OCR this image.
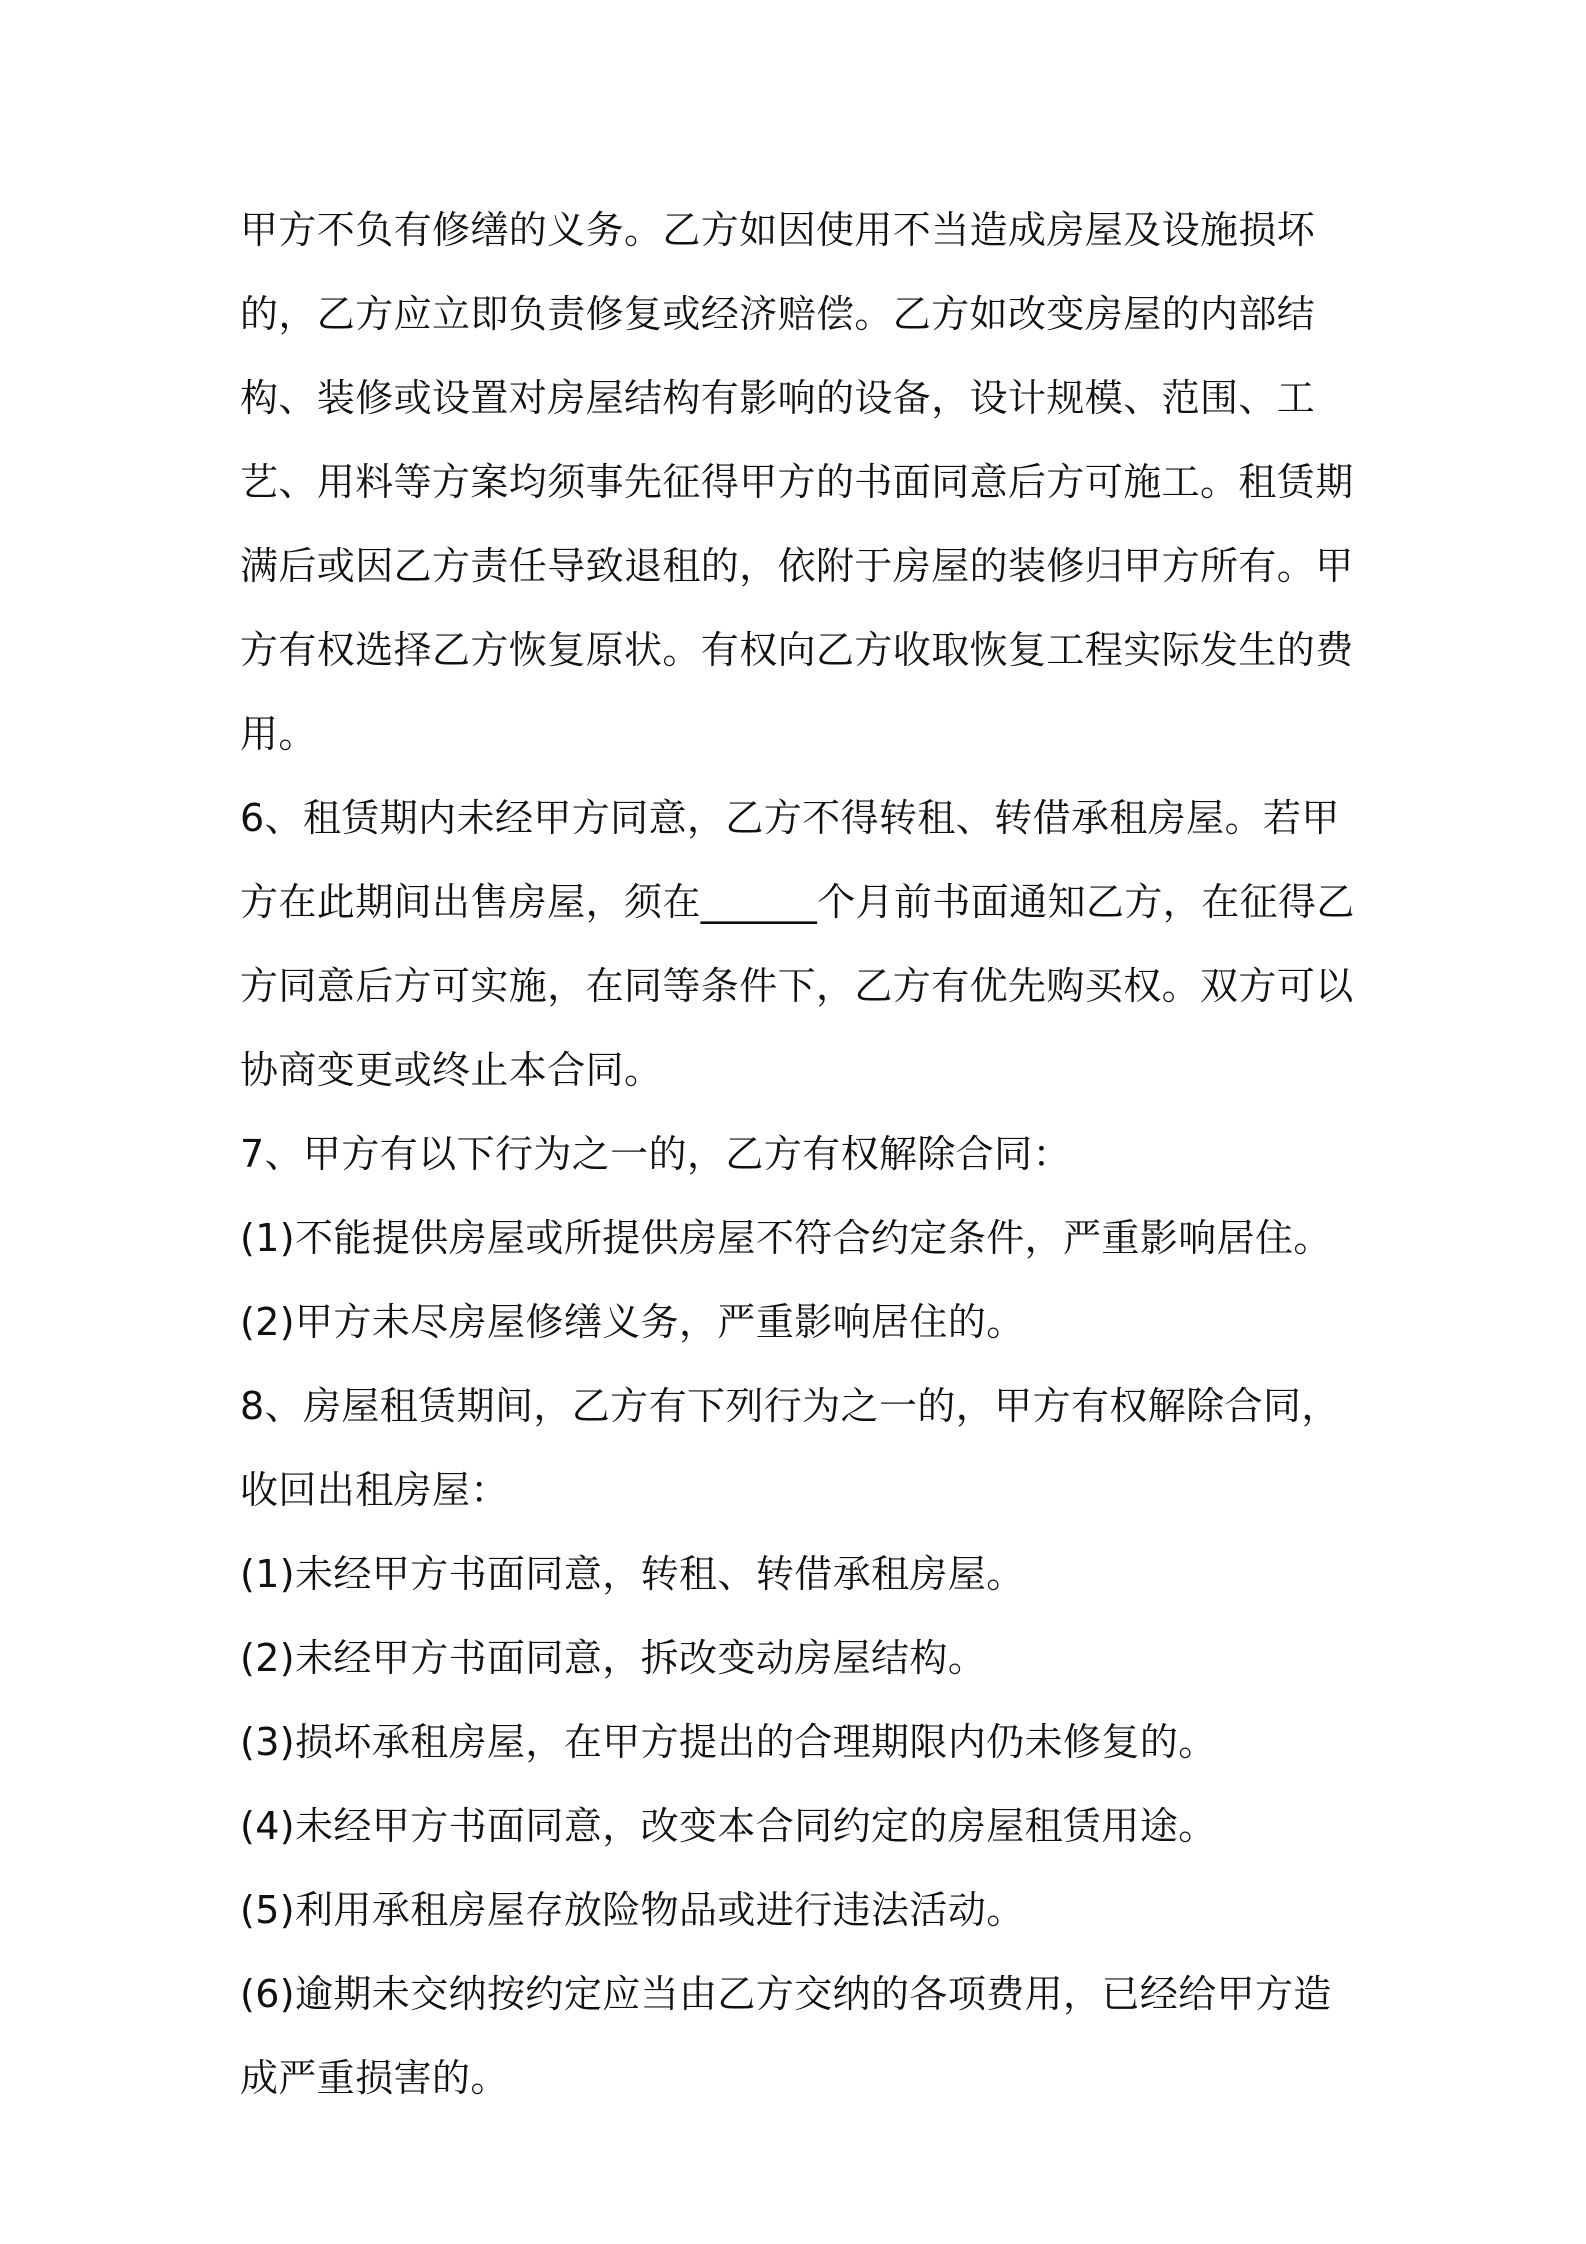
甲方不负有修缮的义务。乙方如因使用不当造成房屋及设施损坏的，乙方应立即负责修复或经济赔偿。乙方如改变房屋的内部结构、装修或设置对房屋结构有影响的设备，设计规模、范围、工艺、用料等方案均须事先征得甲方的书面同意后方可施工。租赁期满后或因乙方责任导致退租的，依附于房屋的装修归甲方所有。甲方有权选择乙方恢复原状。有权向乙方收取恢复工程实际发生的费用。

6、租赁期内未经甲方同意，乙方不得转租、转借承租房屋。若甲方在此期间出售房屋，须在______个月前书面通知乙方，在征得乙方同意后方可实施，在同等条件下，乙方有优先购买权。双方可以协商变更或终止本合同。

7、甲方有以下行为之一的，乙方有权解除合同：

(1)不能提供房屋或所提供房屋不符合约定条件，严重影响居住。

(2)甲方未尽房屋修缮义务，严重影响居住的。

8、房屋租赁期间，乙方有下列行为之一的，甲方有权解除合同，收回出租房屋：

(1)未经甲方书面同意，转租、转借承租房屋。

(2)未经甲方书面同意，拆改变动房屋结构。

(3)损坏承租房屋，在甲方提出的合理期限内仍未修复的。

(4)未经甲方书面同意，改变本合同约定的房屋租赁用途。

(5)利用承租房屋存放险物品或进行违法活动。

(6)逾期未交纳按约定应当由乙方交纳的各项费用，已经给甲方造成严重损害的。
